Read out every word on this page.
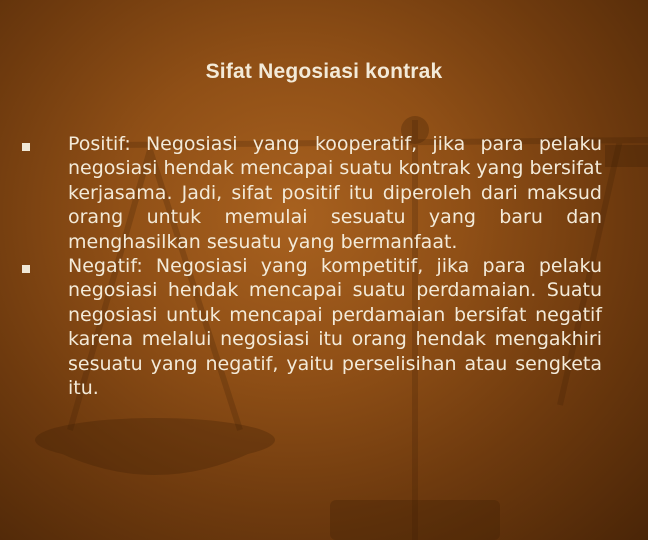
Sifat Negosiasi kontrak
Positif: Negosiasi yang kooperatif, jika para pelaku negosiasi hendak mencapai suatu kontrak yang bersifat kerjasama. Jadi, sifat positif itu diperoleh dari maksud orang untuk memulai sesuatu yang baru dan menghasilkan sesuatu yang bermanfaat.
Negatif: Negosiasi yang kompetitif, jika para pelaku negosiasi hendak mencapai suatu perdamaian. Suatu negosiasi untuk mencapai perdamaian bersifat negatif karena melalui negosiasi itu orang hendak mengakhiri sesuatu yang negatif, yaitu perselisihan atau sengketa itu.
